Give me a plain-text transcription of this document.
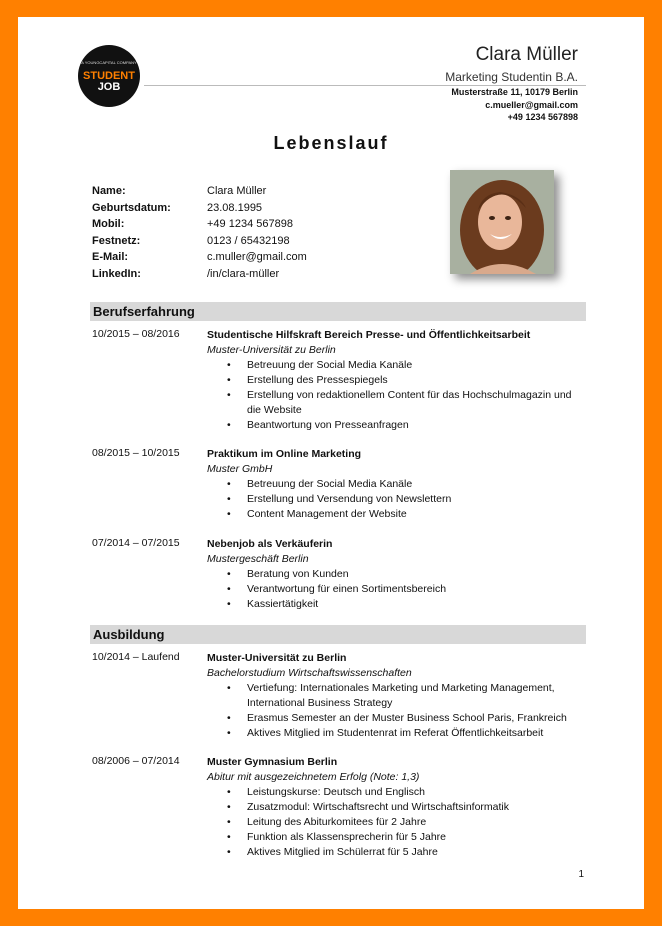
A YOUNGCAPITAL COMPANY
STUDENT
JOB
Clara Müller
Marketing Studentin B.A.
Musterstraße 11, 10179 Berlin
c.mueller@gmail.com
+49 1234 567898
Lebenslauf
Name:	Clara Müller
Geburtsdatum:	23.08.1995
Mobil:	+49 1234 567898
Festnetz:	0123 / 65432198
E-Mail:	c.muller@gmail.com
LinkedIn:	/in/clara-müller
Berufserfahrung
10/2015 – 08/2016	Studentische Hilfskraft Bereich Presse- und Öffentlichkeitsarbeit
Muster-Universität zu Berlin
• Betreuung der Social Media Kanäle
• Erstellung des Pressespiegels
• Erstellung von redaktionellem Content für das Hochschulmagazin und die Website
• Beantwortung von Presseanfragen
08/2015 – 10/2015	Praktikum im Online Marketing
Muster GmbH
• Betreuung der Social Media Kanäle
• Erstellung und Versendung von Newslettern
• Content Management der Website
07/2014 – 07/2015	Nebenjob als Verkäuferin
Mustergeschäft Berlin
• Beratung von Kunden
• Verantwortung für einen Sortimentsbereich
• Kassiertätigkeit
Ausbildung
10/2014 – Laufend	Muster-Universität zu Berlin
Bachelorstudium Wirtschaftswissenschaften
• Vertiefung: Internationales Marketing und Marketing Management, International Business Strategy
• Erasmus Semester an der Muster Business School Paris, Frankreich
• Aktives Mitglied im Studentenrat im Referat Öffentlichkeitsarbeit
08/2006 – 07/2014	Muster Gymnasium Berlin
Abitur mit ausgezeichnetem Erfolg (Note: 1,3)
• Leistungskurse: Deutsch und Englisch
• Zusatzmodul: Wirtschaftsrecht und Wirtschaftsinformatik
• Leitung des Abiturkomitees für 2 Jahre
• Funktion als Klassensprecherin für 5 Jahre
• Aktives Mitglied im Schülerrat für 5 Jahre
1
